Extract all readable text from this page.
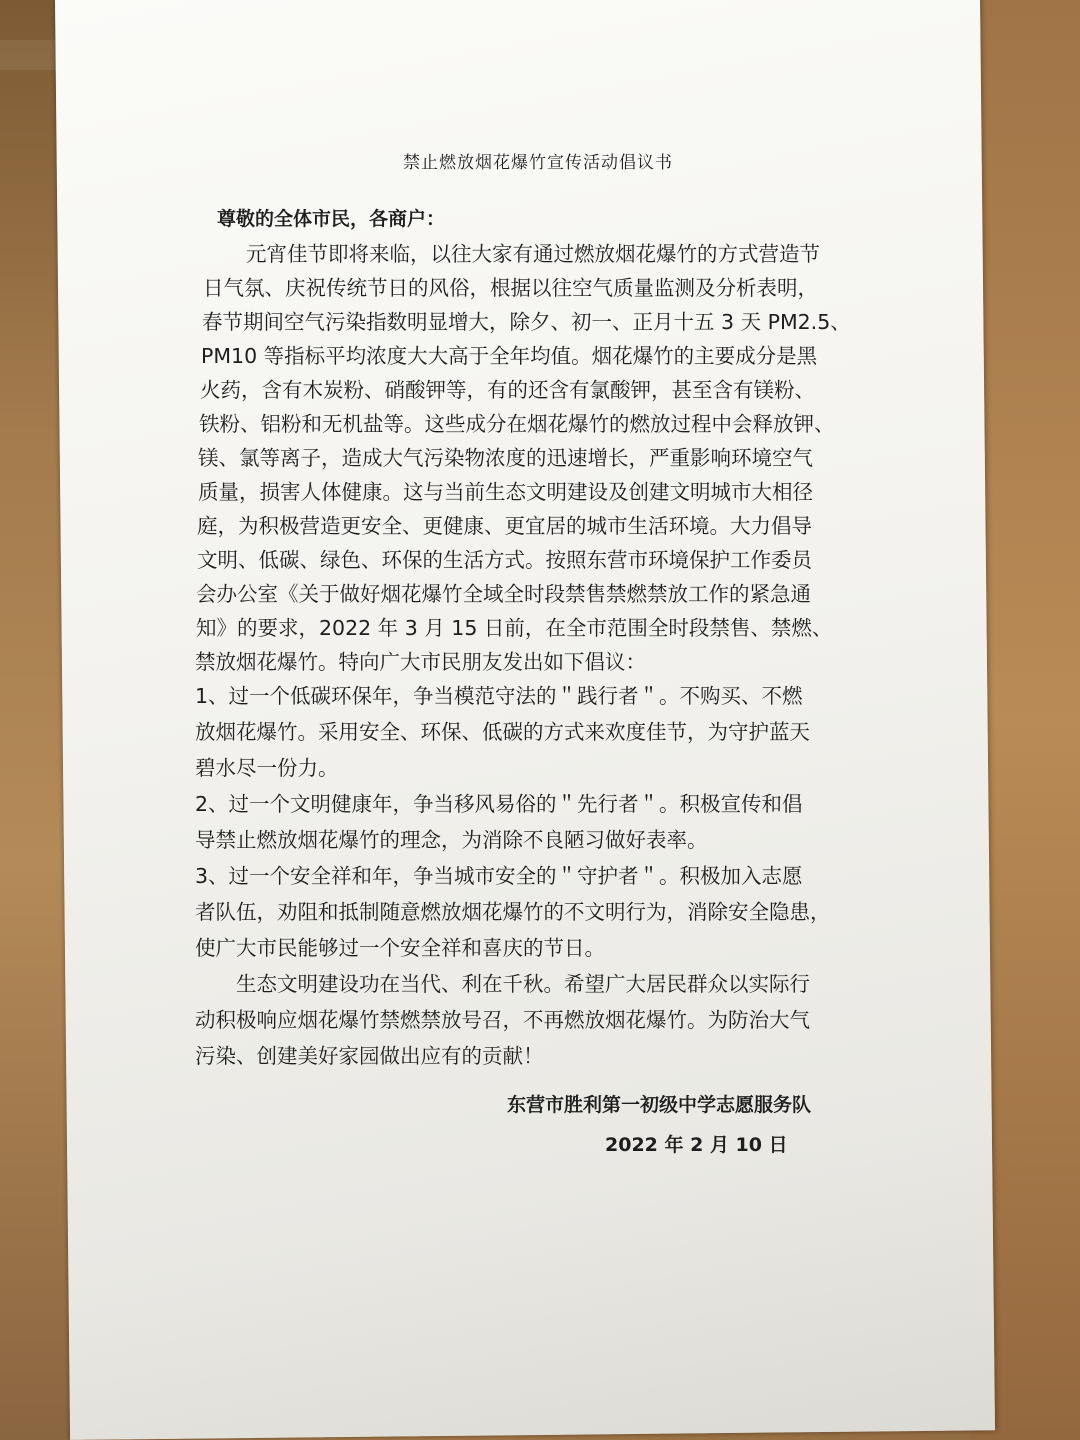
禁止燃放烟花爆竹宣传活动倡议书
尊敬的全体市民，各商户：
　　元宵佳节即将来临，以往大家有通过燃放烟花爆竹的方式营造节
日气氛、庆祝传统节日的风俗，根据以往空气质量监测及分析表明，
春节期间空气污染指数明显增大，除夕、初一、正月十五 3 天 PM2.5、
PM10 等指标平均浓度大大高于全年均值。烟花爆竹的主要成分是黑
火药，含有木炭粉、硝酸钾等，有的还含有氯酸钾，甚至含有镁粉、
铁粉、铝粉和无机盐等。这些成分在烟花爆竹的燃放过程中会释放钾、
镁、氯等离子，造成大气污染物浓度的迅速增长，严重影响环境空气
质量，损害人体健康。这与当前生态文明建设及创建文明城市大相径
庭，为积极营造更安全、更健康、更宜居的城市生活环境。大力倡导
文明、低碳、绿色、环保的生活方式。按照东营市环境保护工作委员
会办公室《关于做好烟花爆竹全域全时段禁售禁燃禁放工作的紧急通
知》的要求，2022 年 3 月 15 日前，在全市范围全时段禁售、禁燃、
禁放烟花爆竹。特向广大市民朋友发出如下倡议：
1、过一个低碳环保年，争当模范守法的＂践行者＂。不购买、不燃
放烟花爆竹。采用安全、环保、低碳的方式来欢度佳节，为守护蓝天
碧水尽一份力。
2、过一个文明健康年，争当移风易俗的＂先行者＂。积极宣传和倡
导禁止燃放烟花爆竹的理念，为消除不良陋习做好表率。
3、过一个安全祥和年，争当城市安全的＂守护者＂。积极加入志愿
者队伍，劝阻和抵制随意燃放烟花爆竹的不文明行为，消除安全隐患，
使广大市民能够过一个安全祥和喜庆的节日。
　　生态文明建设功在当代、利在千秋。希望广大居民群众以实际行
动积极响应烟花爆竹禁燃禁放号召，不再燃放烟花爆竹。为防治大气
污染、创建美好家园做出应有的贡献！
东营市胜利第一初级中学志愿服务队
2022 年 2 月 10 日
